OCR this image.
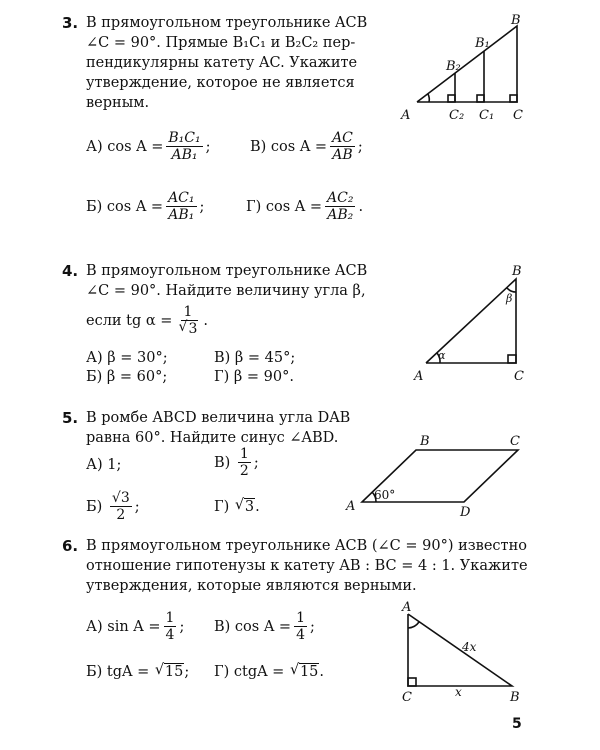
3. В прямоугольном треугольнике ACB
∠C = 90°. Прямые B₁C₁ и B₂C₂ пер-
пендикулярны катету AC. Укажите
утверждение, которое не является
верным.
А)
$\cos A = \frac{\text{B₁C₁}}{\text{AB₁}}$ ;	В)
$\cos A = \frac{AC}{AB}$ ;
Б)
$\cos A = \frac{\text{AC₁}}{\text{AB₁}}$ ;	Г)
$\cos A = \frac{\text{AC₂}}{\text{AB₂}}$ .
A
B
C
B₁
B₂
C₁
C₂
4. В прямоугольном треугольнике ACB
∠C = 90°. Найдите величину угла β,
если tg α = 1
√ 3 .
А)
β = 30°;	В)
β = 45°;
Б)
β = 60°;	Г)
β = 90°.	A
B
C
α
β
5. В ромбе ABCD величина угла DAB
равна 60°. Найдите синус ∠ABD.
А)
1;	В)
$\frac{1}{2}$ ;
Б)
$\frac{√3}{2}$ ;	Г)
	√ 3 .	A
B	C
D
60°
6. В прямоугольном треугольнике ACB (∠C = 90°) известно
отношение гипотенузы к катету AB : BC = 4 : 1. Укажите
утверждения, которые являются верными.
А)
$\sin A = \frac{1}{4}$ ; В)
$\cos A = \frac{1}{4}$ ;
Б)
tgA =
	√ 15 ; Г)
ctgA =
	√ 15 .
A
B
C
4x
x
5
